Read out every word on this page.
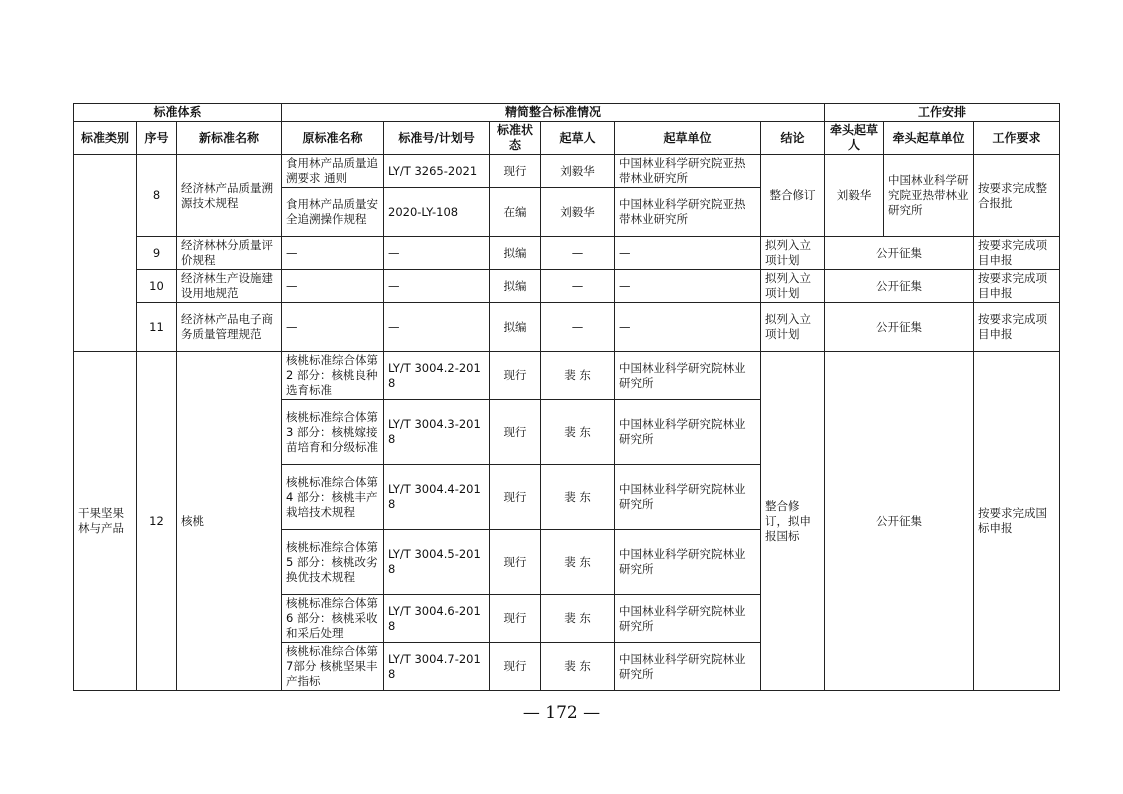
标准体系			精简整合标准情况						工作安排		
标准类别	序号	新标准名称	原标准名称	标准号/计划号	标准状态	起草人	起草单位	结论	牵头起草人	牵头起草单位	工作要求
	8	经济林产品质量溯源技术规程	食用林产品质量追溯要求 通则	LY/T 3265-2021	现行	刘毅华	中国林业科学研究院亚热带林业研究所	整合修订	刘毅华	中国林业科学研究院亚热带林业研究所	按要求完成整合报批
			食用林产品质量安全追溯操作规程	2020-LY-108	在编	刘毅华	中国林业科学研究院亚热带林业研究所				
	9	经济林林分质量评价规程	—	—	拟编	—	—	拟列入立项计划	公开征集		按要求完成项目申报
	10	经济林生产设施建设用地规范	—	—	拟编	—	—	拟列入立项计划	公开征集		按要求完成项目申报
	11	经济林产品电子商务质量管理规范	—	—	拟编	—	—	拟列入立项计划	公开征集		按要求完成项目申报
干果坚果林与产品	12	核桃	核桃标准综合体第 2 部分：核桃良种选育标准	LY/T 3004.2-2018	现行	裴 东	中国林业科学研究院林业研究所	整合修订，拟申报国标	公开征集		按要求完成国标申报
			核桃标准综合体第 3 部分：核桃嫁接苗培育和分级标准	LY/T 3004.3-2018	现行	裴 东	中国林业科学研究院林业研究所				
			核桃标准综合体第 4 部分：核桃丰产栽培技术规程	LY/T 3004.4-2018	现行	裴 东	中国林业科学研究院林业研究所				
			核桃标准综合体第 5 部分：核桃改劣换优技术规程	LY/T 3004.5-2018	现行	裴 东	中国林业科学研究院林业研究所				
			核桃标准综合体第 6 部分：核桃采收和采后处理	LY/T 3004.6-2018	现行	裴 东	中国林业科学研究院林业研究所				
			核桃标准综合体第7部分 核桃坚果丰产指标	LY/T 3004.7-2018	现行	裴 东	中国林业科学研究院林业研究所				
— 172 —
